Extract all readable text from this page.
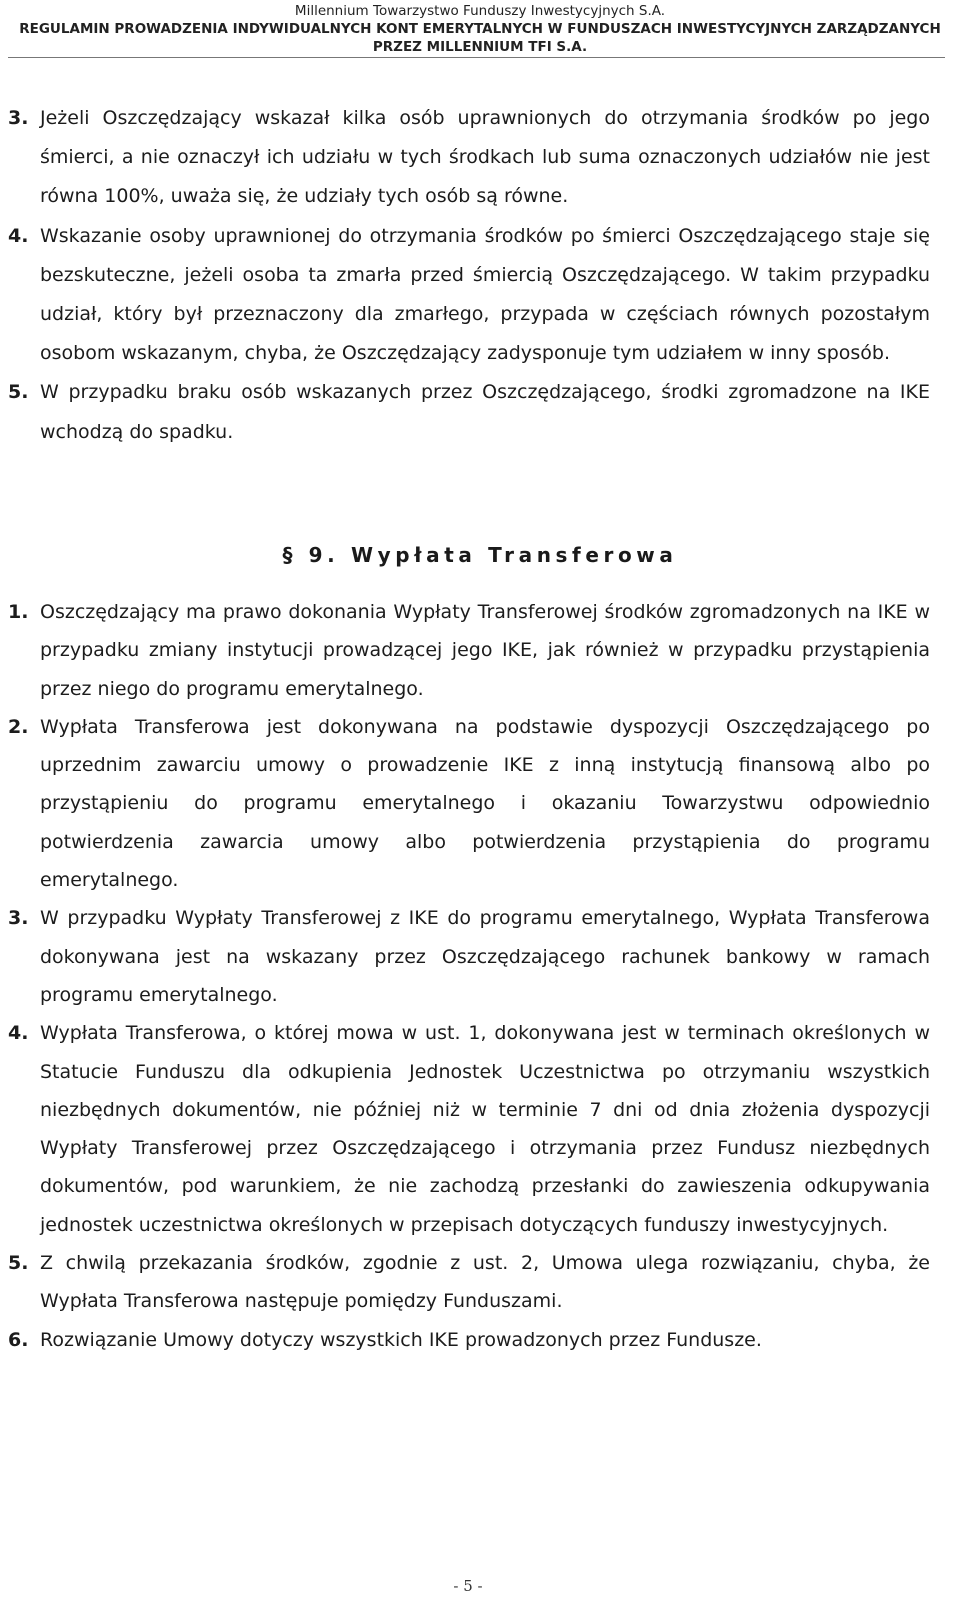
Millennium Towarzystwo Funduszy Inwestycyjnych S.A.
REGULAMIN PROWADZENIA INDYWIDUALNYCH KONT EMERYTALNYCH W FUNDUSZACH INWESTYCYJNYCH ZARZĄDZANYCH
PRZEZ MILLENNIUM TFI S.A.
3. Jeżeli Oszczędzający wskazał kilka osób uprawnionych do otrzymania środków po jego śmierci, a nie oznaczył ich udziału w tych środkach lub suma oznaczonych udziałów nie jest równa 100%, uważa się, że udziały tych osób są równe.
4. Wskazanie osoby uprawnionej do otrzymania środków po śmierci Oszczędzającego staje się bezskuteczne, jeżeli osoba ta zmarła przed śmiercią Oszczędzającego. W takim przypadku udział, który był przeznaczony dla zmarłego, przypada w częściach równych pozostałym osobom wskazanym, chyba, że Oszczędzający zadysponuje tym udziałem w inny sposób.
5. W przypadku braku osób wskazanych przez Oszczędzającego, środki zgromadzone na IKE wchodzą do spadku.
§ 9. Wypłata Transferowa
1. Oszczędzający ma prawo dokonania Wypłaty Transferowej środków zgromadzonych na IKE w przypadku zmiany instytucji prowadzącej jego IKE, jak również w przypadku przystąpienia przez niego do programu emerytalnego.
2. Wypłata Transferowa jest dokonywana na podstawie dyspozycji Oszczędzającego po uprzednim zawarciu umowy o prowadzenie IKE z inną instytucją finansową albo po przystąpieniu do programu emerytalnego i okazaniu Towarzystwu odpowiednio potwierdzenia zawarcia umowy albo potwierdzenia przystąpienia do programu emerytalnego.
3. W przypadku Wypłaty Transferowej z IKE do programu emerytalnego, Wypłata Transferowa dokonywana jest na wskazany przez Oszczędzającego rachunek bankowy w ramach programu emerytalnego.
4. Wypłata Transferowa, o której mowa w ust. 1, dokonywana jest w terminach określonych w Statucie Funduszu dla odkupienia Jednostek Uczestnictwa po otrzymaniu wszystkich niezbędnych dokumentów, nie później niż w terminie 7 dni od dnia złożenia dyspozycji Wypłaty Transferowej przez Oszczędzającego i otrzymania przez Fundusz niezbędnych dokumentów, pod warunkiem, że nie zachodzą przesłanki do zawieszenia odkupywania jednostek uczestnictwa określonych w przepisach dotyczących funduszy inwestycyjnych.
5. Z chwilą przekazania środków, zgodnie z ust. 2, Umowa ulega rozwiązaniu, chyba, że Wypłata Transferowa następuje pomiędzy Funduszami.
6. Rozwiązanie Umowy dotyczy wszystkich IKE prowadzonych przez Fundusze.
- 5 -
